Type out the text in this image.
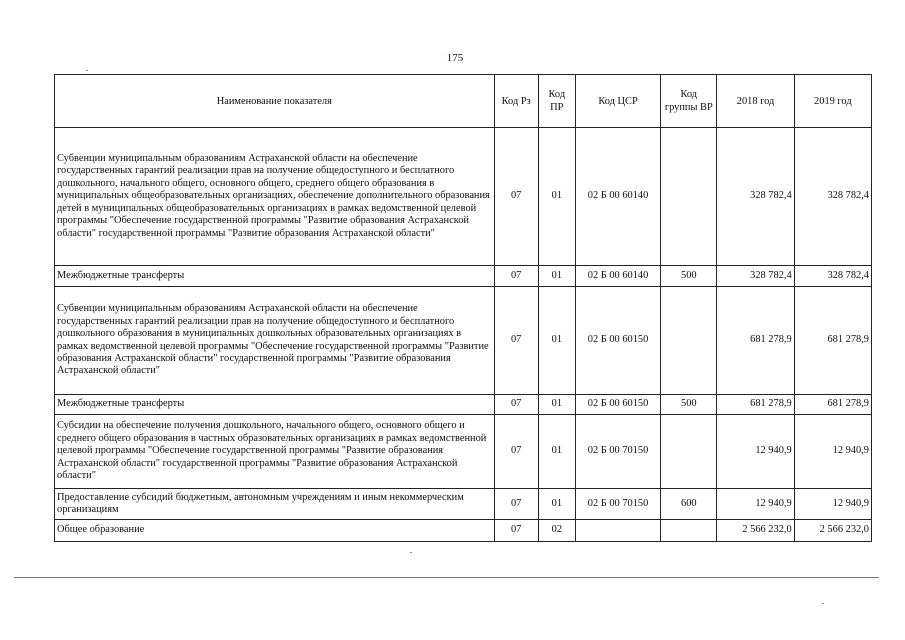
175
Наименование показателя	Код Рз	Код ПР	Код ЦСР	Код группы ВР	2018 год	2019 год
Субвенции муниципальным образованиям Астраханской области на обеспечение государственных гарантий реализации прав на получение общедоступного и бесплатного дошкольного, начального общего, основного общего, среднего общего образования в муниципальных общеобразовательных организациях, обеспечение дополнительного образования детей в муниципальных общеобразовательных организациях в рамках ведомственной целевой программы "Обеспечение государственной программы "Развитие образования Астраханской области" государственной программы "Развитие образования Астраханской области"	07	01	02 Б 00 60140		328 782,4	328 782,4
Межбюджетные трансферты	07	01	02 Б 00 60140	500	328 782,4	328 782,4
Субвенции муниципальным образованиям Астраханской области на обеспечение государственных гарантий реализации прав на получение общедоступного и бесплатного дошкольного образования в муниципальных дошкольных образовательных организациях в рамках ведомственной целевой программы "Обеспечение государственной программы "Развитие образования Астраханской области" государственной программы "Развитие образования Астраханской области"	07	01	02 Б 00 60150		681 278,9	681 278,9
Межбюджетные трансферты	07	01	02 Б 00 60150	500	681 278,9	681 278,9
Субсидии на обеспечение получения дошкольного, начального общего, основного общего и среднего общего образования в частных образовательных организациях в рамках ведомственной целевой программы "Обеспечение государственной программы "Развитие образования Астраханской области" государственной программы "Развитие образования Астраханской области"	07	01	02 Б 00 70150		12 940,9	12 940,9
Предоставление субсидий бюджетным, автономным учреждениям и иным некоммерческим организациям	07	01	02 Б 00 70150	600	12 940,9	12 940,9
Общее образование	07	02			2 566 232,0	2 566 232,0
